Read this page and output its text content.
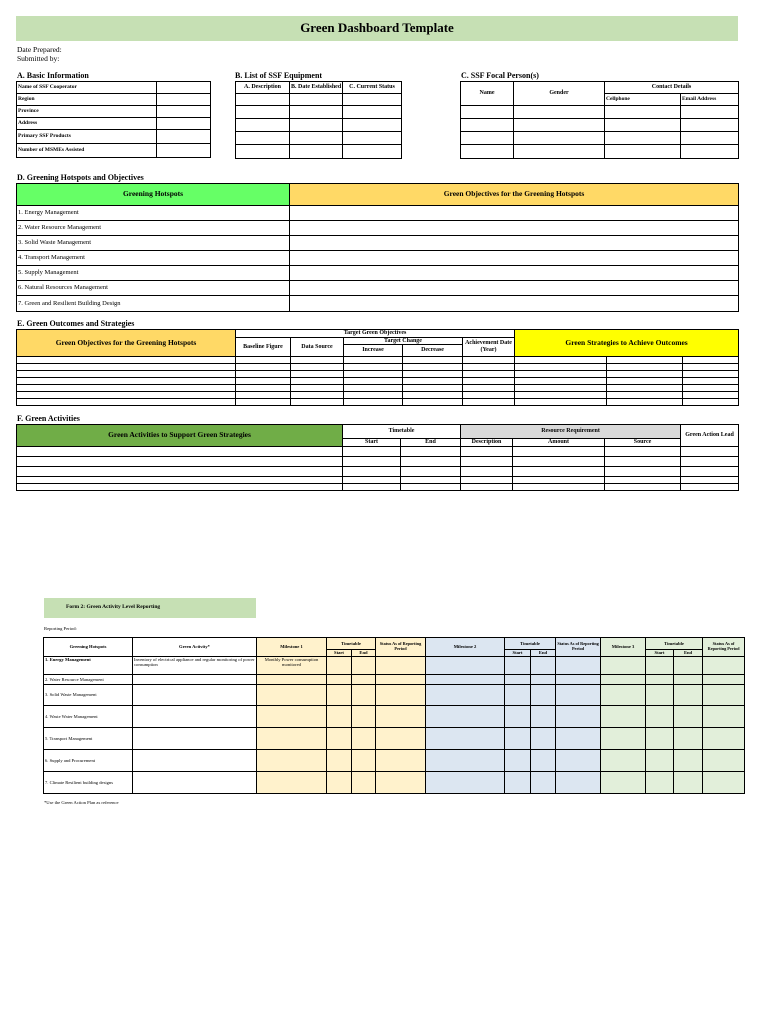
Green Dashboard Template
Date Prepared:
Submitted by:
A. Basic Information
Name of SSF Cooperator	
Region	
Province	
Address	
Primary SSF Products	
Number of MSMEs Assisted	
B. List of SSF Equipment
A. Description	B. Date Established	C. Current Status

C. SSF Focal Person(s)
Name	Gender	Contact Details	
		Cellphone	Email Address

D. Greening Hotspots and Objectives
Greening Hotspots	Green Objectives for the Greening Hotspots
1. Energy Management	
2. Water Resource Management	
3. Solid Waste Management	
4. Transport Management	
5. Supply Management	
6. Natural Resources Management	
7. Green and Resilient Building Design	
E. Green Outcomes and Strategies
Green Objectives for the Greening Hotspots	Target Green Objectives					Green Strategies to Achieve Outcomes		
	Baseline Figure	Data Source	Target Change		Achievement Date (Year)			
			Increase	Decrease				

F. Green Activities
Green Activities to Support Green Strategies	Timetable		Resource Requirement			Green Action Lead
	Start	End	Description	Amount	Source	

Form 2: Green Activity Level Reporting
Reporting Period:
Greening Hotspots	Green Activity*	Milestone 1	Timetable		Status As of Reporting Period	Milestone 2	Timetable		Status As of Reporting Period	Milestone 3	Timetable		Status As of Reporting Period
			Start	End			Start	End			Start	End	
1. Energy Management	Inventory of electrical appliance and regular monitoring of power consumption	Monthly Power consumption monitored											
2. Water Resource Management													
3. Solid Waste Management													
4. Waste Water Management													
5. Transport Management													
6. Supply and Procurement													
7. Climate Resilient building designs													
*Use the Green Action Plan as reference
